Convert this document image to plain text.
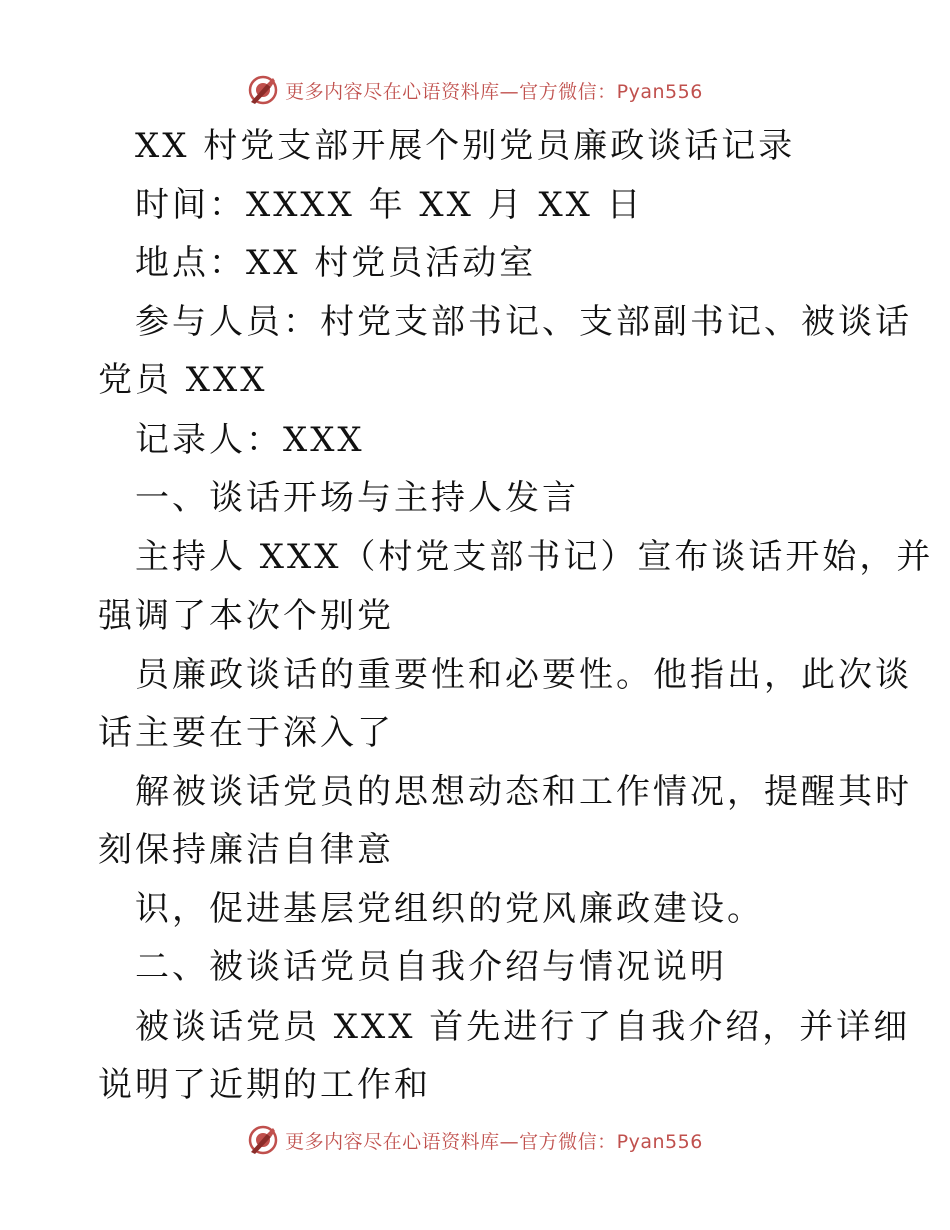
更多内容尽在心语资料库—官方微信：Pyan556
XX 村党支部开展个别党员廉政谈话记录
时间：XXXX 年 XX 月 XX 日
地点：XX 村党员活动室
参与人员：村党支部书记、支部副书记、被谈话
党员 XXX
记录人：XXX
一、谈话开场与主持人发言
主持人 XXX（村党支部书记）宣布谈话开始，并
强调了本次个别党
员廉政谈话的重要性和必要性。他指出，此次谈
话主要在于深入了
解被谈话党员的思想动态和工作情况，提醒其时
刻保持廉洁自律意
识，促进基层党组织的党风廉政建设。
二、被谈话党员自我介绍与情况说明
被谈话党员 XXX 首先进行了自我介绍，并详细
说明了近期的工作和
更多内容尽在心语资料库—官方微信：Pyan556
